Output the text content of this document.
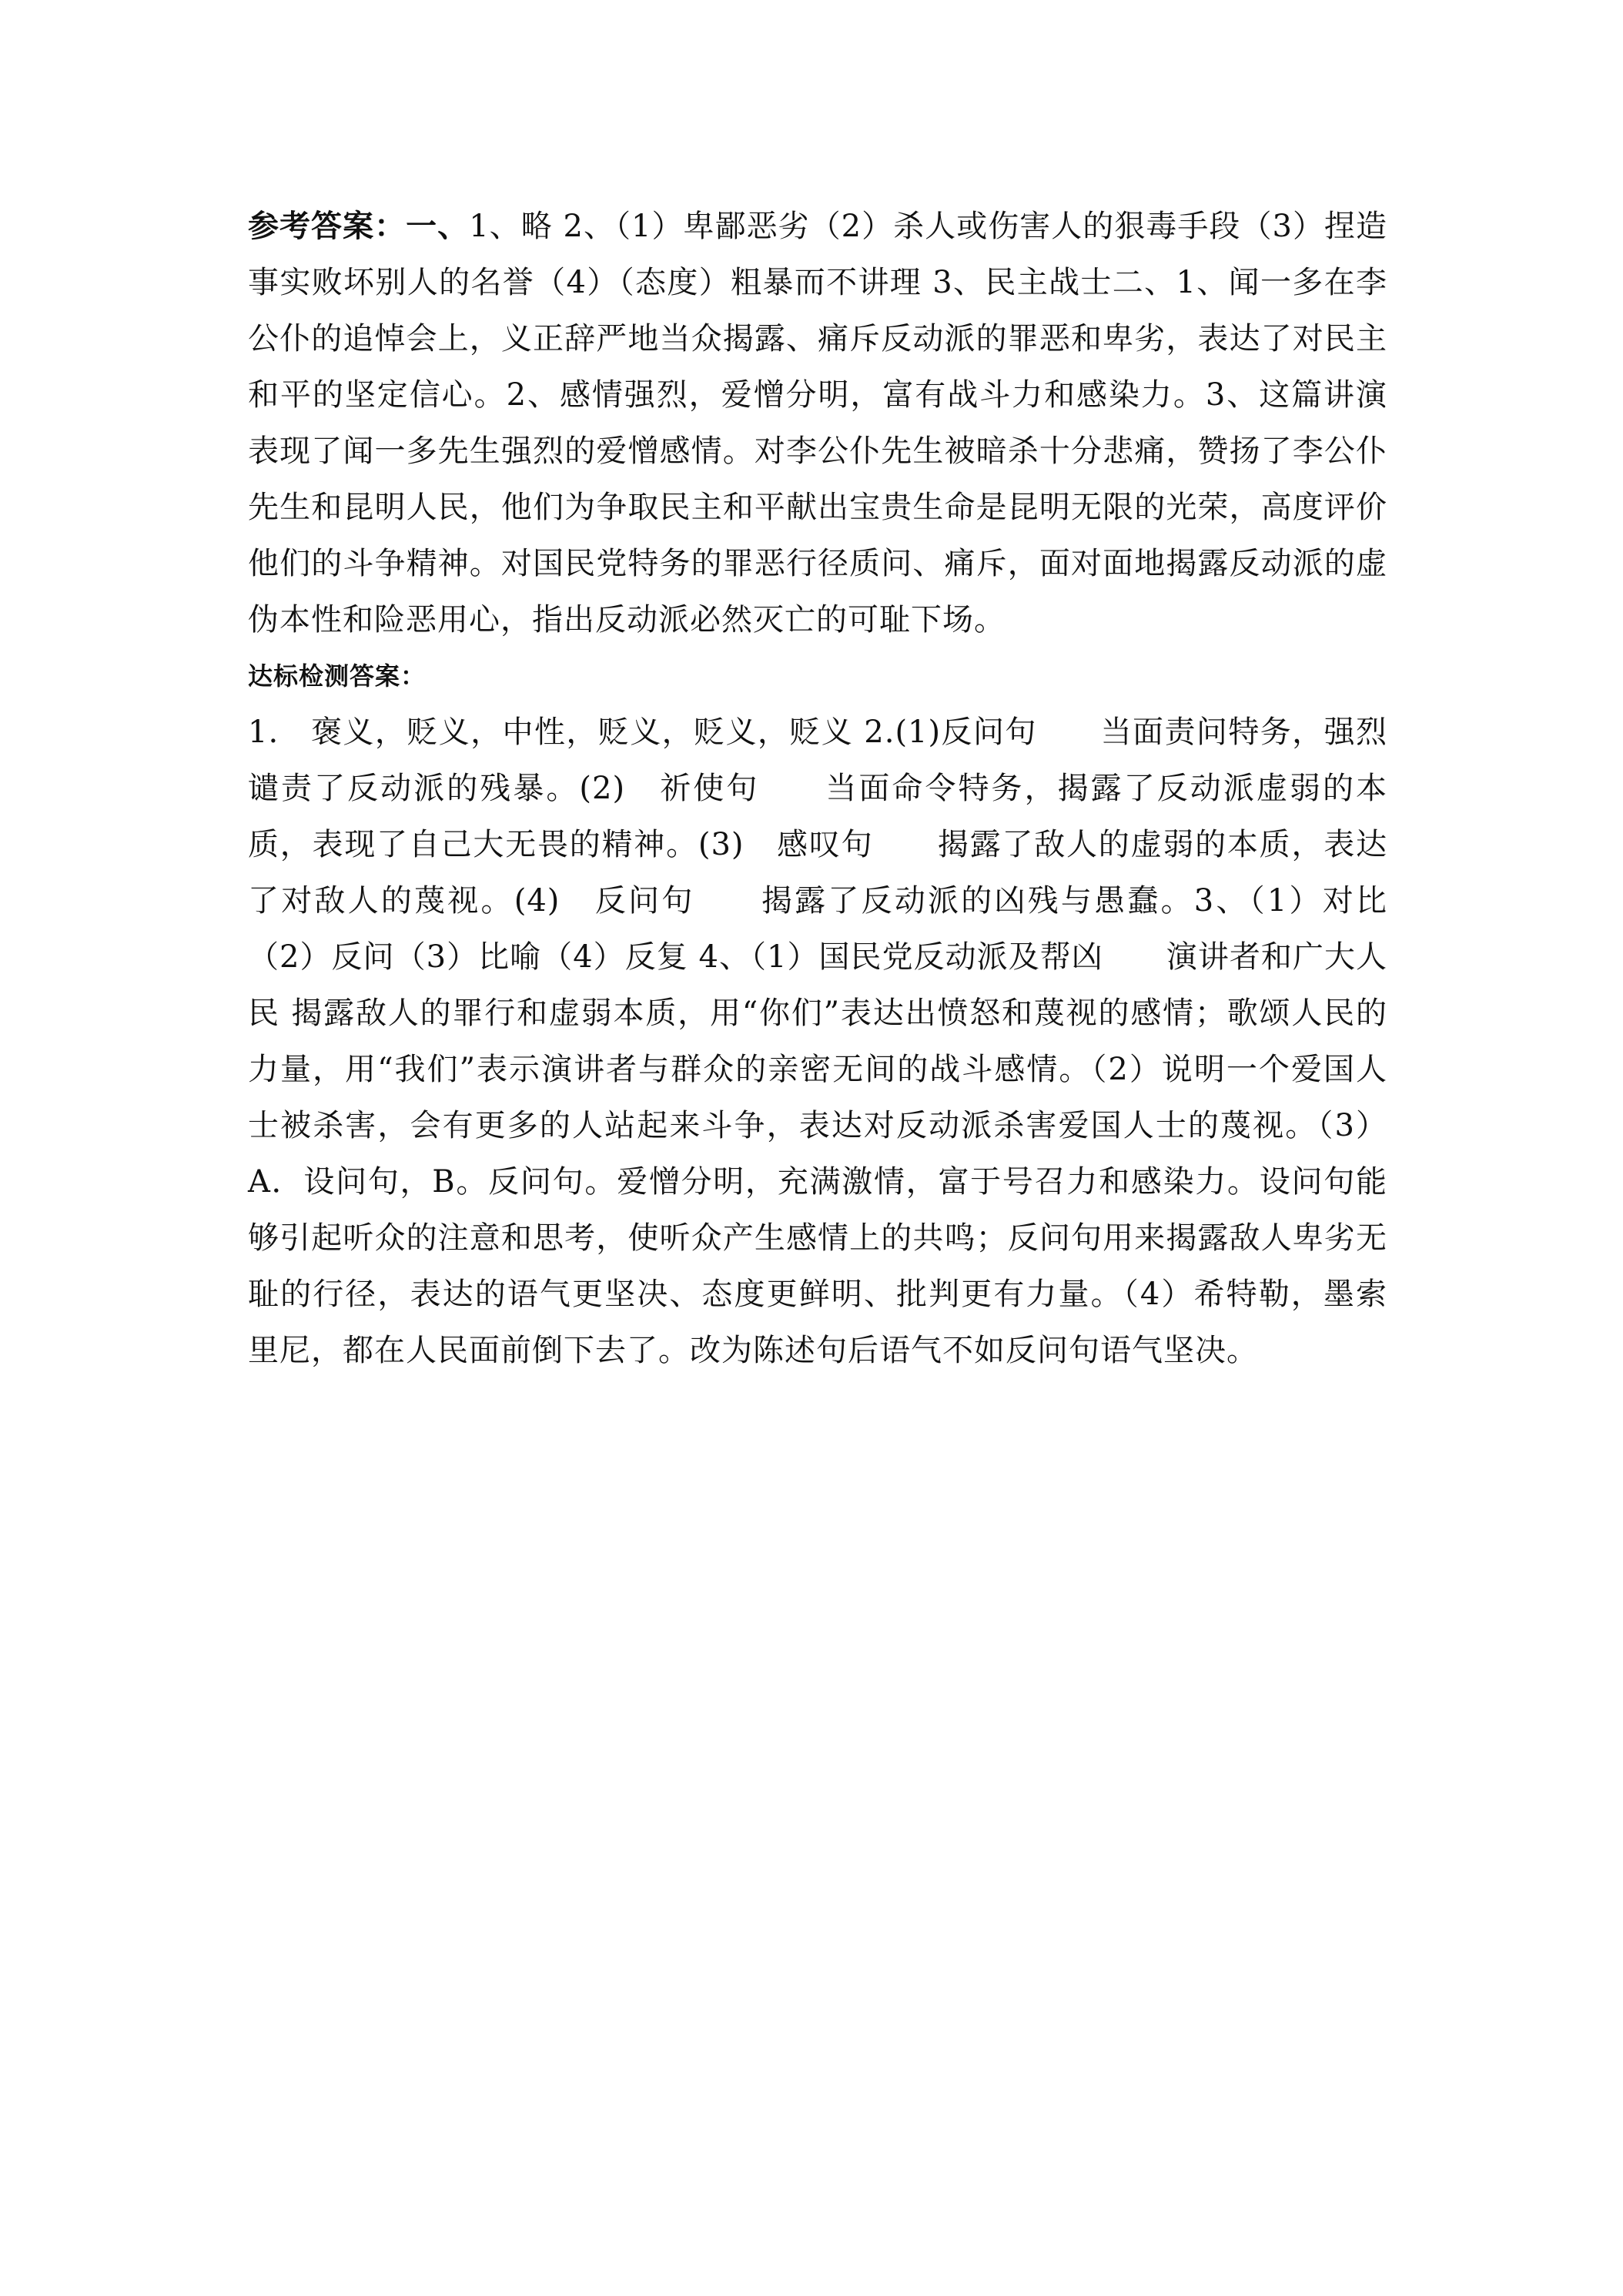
参考答案：一、1、略 2、（1）卑鄙恶劣（2）杀人或伤害人的狠毒手段（3）捏造事实败坏别人的名誉（4）（态度）粗暴而不讲理 3、民主战士二、1、闻一多在李公仆的追悼会上，义正辞严地当众揭露、痛斥反动派的罪恶和卑劣，表达了对民主和平的坚定信心。2、感情强烈，爱憎分明，富有战斗力和感染力。3、这篇讲演表现了闻一多先生强烈的爱憎感情。对李公仆先生被暗杀十分悲痛，赞扬了李公仆先生和昆明人民，他们为争取民主和平献出宝贵生命是昆明无限的光荣，高度评价他们的斗争精神。对国民党特务的罪恶行径质问、痛斥，面对面地揭露反动派的虚伪本性和险恶用心，指出反动派必然灭亡的可耻下场。

达标检测答案：

1.　褒义，贬义，中性，贬义，贬义，贬义 2.(1)反问句　　当面责问特务，强烈谴责了反动派的残暴。(2)　祈使句　　当面命令特务，揭露了反动派虚弱的本质，表现了自己大无畏的精神。(3)　感叹句　　揭露了敌人的虚弱的本质，表达了对敌人的蔑视。(4)　反问句　　揭露了反动派的凶残与愚蠢。3、（1）对比（2）反问（3）比喻（4）反复 4、（1）国民党反动派及帮凶　　演讲者和广大人民 揭露敌人的罪行和虚弱本质，用“你们”表达出愤怒和蔑视的感情；歌颂人民的力量，用“我们”表示演讲者与群众的亲密无间的战斗感情。（2）说明一个爱国人士被杀害，会有更多的人站起来斗争，表达对反动派杀害爱国人士的蔑视。（3）A．设问句，B。反问句。爱憎分明，充满激情，富于号召力和感染力。设问句能够引起听众的注意和思考，使听众产生感情上的共鸣；反问句用来揭露敌人卑劣无耻的行径，表达的语气更坚决、态度更鲜明、批判更有力量。（4）希特勒，墨索里尼，都在人民面前倒下去了。改为陈述句后语气不如反问句语气坚决。
